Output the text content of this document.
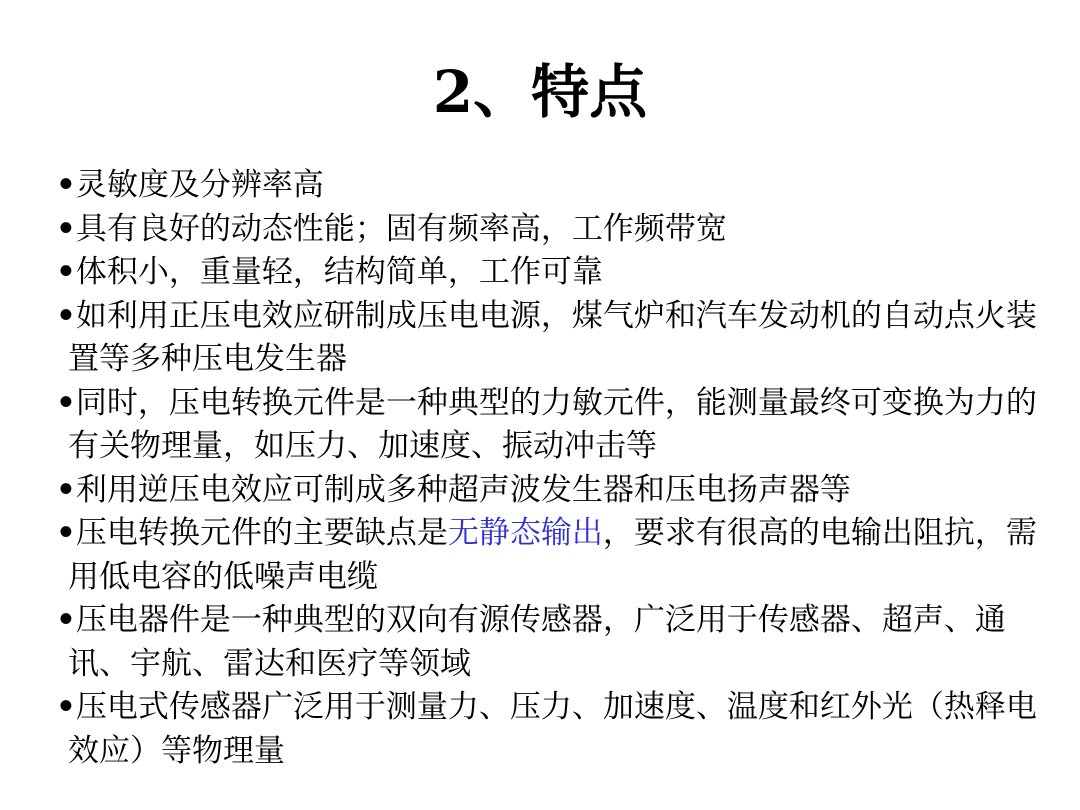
2、特点
•灵敏度及分辨率高
•具有良好的动态性能；固有频率高，工作频带宽
•体积小，重量轻，结构简单，工作可靠
•如利用正压电效应研制成压电电源，煤气炉和汽车发动机的自动点火装置等多种压电发生器
•同时，压电转换元件是一种典型的力敏元件，能测量最终可变换为力的有关物理量，如压力、加速度、振动冲击等
•利用逆压电效应可制成多种超声波发生器和压电扬声器等
•压电转换元件的主要缺点是无静态输出，要求有很高的电输出阻抗，需用低电容的低噪声电缆
•压电器件是一种典型的双向有源传感器，广泛用于传感器、超声、通讯、宇航、雷达和医疗等领域
•压电式传感器广泛用于测量力、压力、加速度、温度和红外光（热释电效应）等物理量
